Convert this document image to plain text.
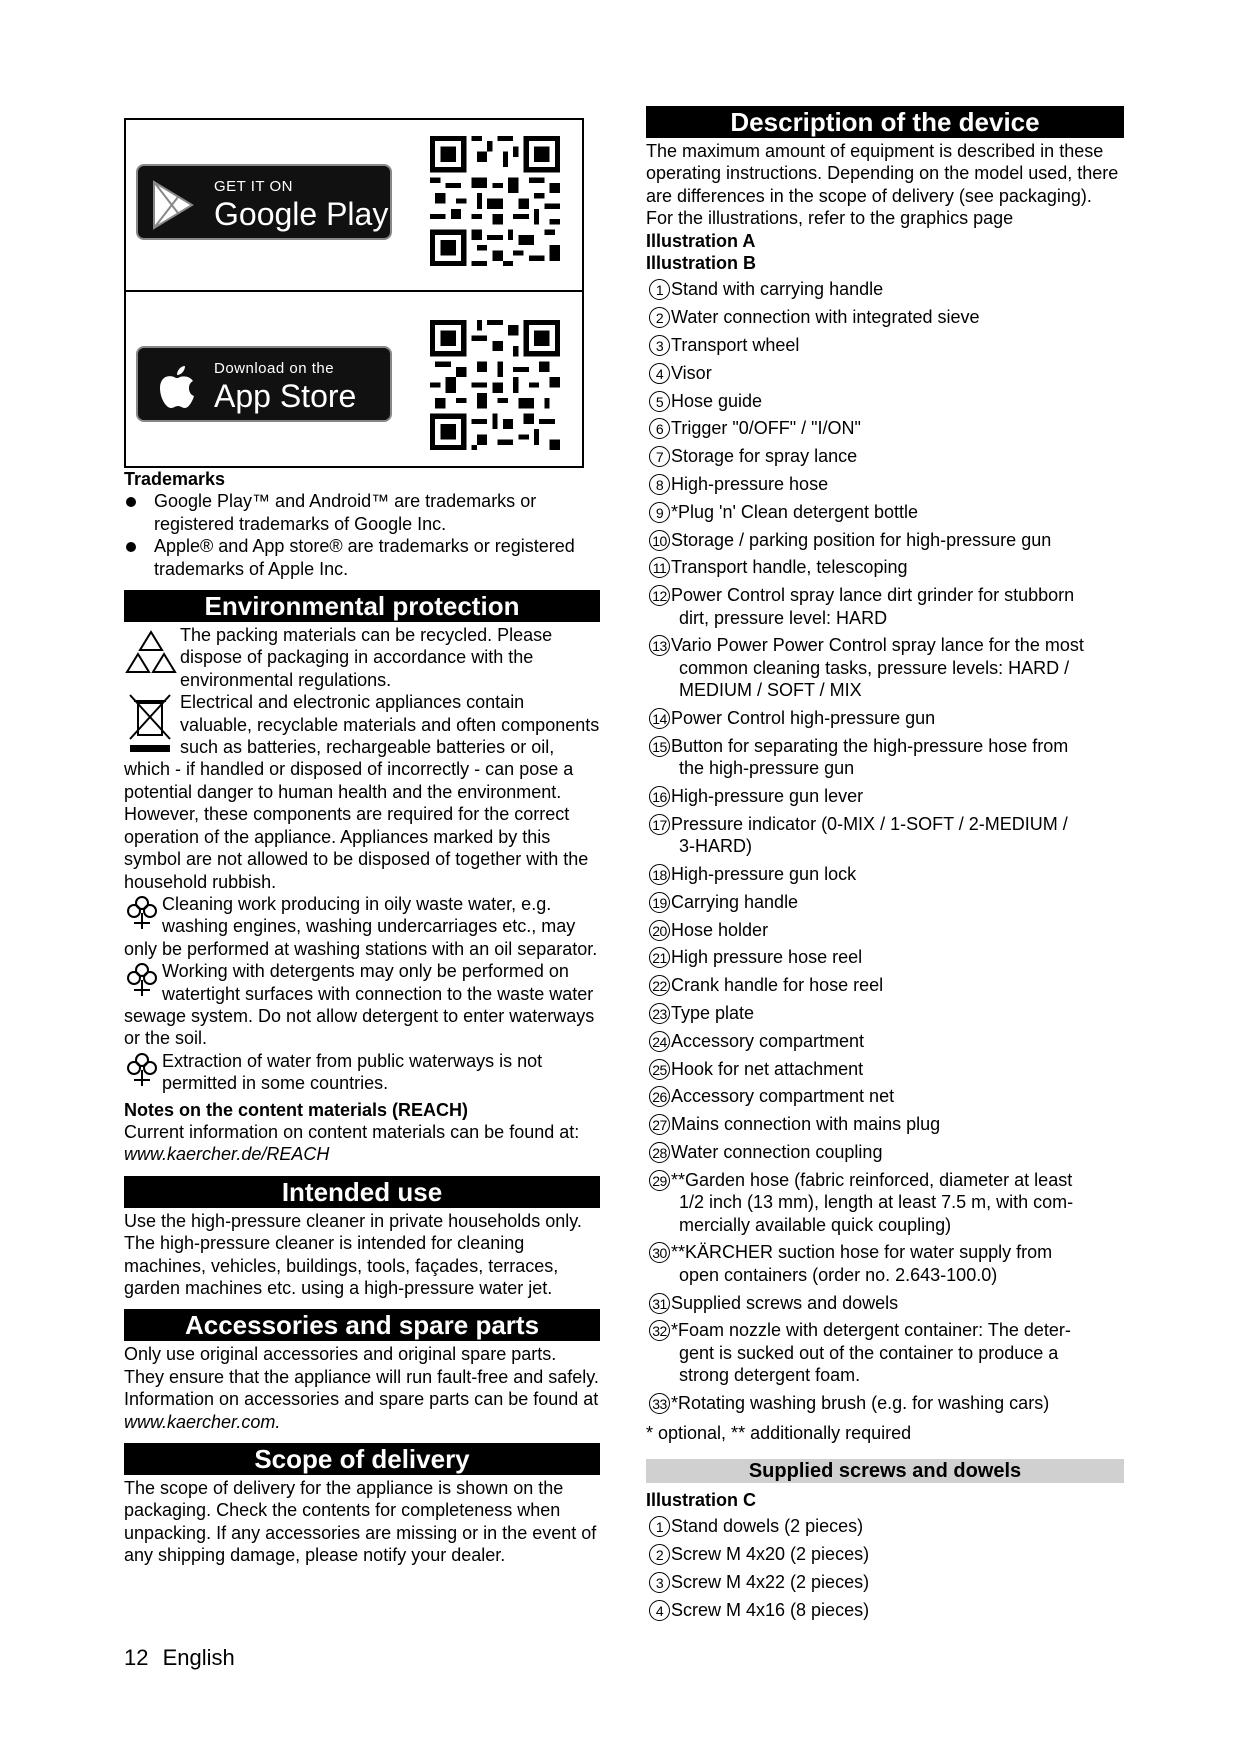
GET IT ON
Google Play
Download on the
App Store

Trademarks

Google Play™ and Android™ are trademarks or registered trademarks of Google Inc.
Apple® and App store® are trademarks or registered trademarks of Apple Inc.
Environmental protection
The packing materials can be recycled. Please dispose of packaging in accordance with the environmental regulations.
Electrical and electronic appliances contain valuable, recyclable materials and often components such as batteries, rechargeable batteries or oil, which - if handled or disposed of incorrectly - can pose a potential danger to human health and the environment. However, these components are required for the correct operation of the appliance. Appliances marked by this symbol are not allowed to be disposed of together with the household rubbish.
Cleaning work producing in oily waste water, e.g. washing engines, washing undercarriages etc., may only be performed at washing stations with an oil separator.
Working with detergents may only be performed on watertight surfaces with connection to the waste water sewage system. Do not allow detergent to enter waterways or the soil.
Extraction of water from public waterways is not permitted in some countries.

Notes on the content materials (REACH)

Current information on content materials can be found at: www.kaercher.de/REACH

Intended use

Use the high-pressure cleaner in private households only.

The high-pressure cleaner is intended for cleaning machines, vehicles, buildings, tools, façades, terraces, garden machines etc. using a high-pressure water jet.

Accessories and spare parts

Only use original accessories and original spare parts. They ensure that the appliance will run fault-free and safely.

Information on accessories and spare parts can be found at www.kaercher.com.

Scope of delivery

The scope of delivery for the appliance is shown on the packaging. Check the contents for completeness when unpacking. If any accessories are missing or in the event of any shipping damage, please notify your dealer.

Description of the device

The maximum amount of equipment is described in these operating instructions. Depending on the model used, there are differences in the scope of delivery (see packaging).

For the illustrations, refer to the graphics page

Illustration A

Illustration B

1 Stand with carrying handle
2 Water connection with integrated sieve
3 Transport wheel
4 Visor
5 Hose guide
6 Trigger "0/OFF" / "I/ON"
7 Storage for spray lance
8 High-pressure hose
9 *Plug 'n' Clean detergent bottle
10 Storage / parking position for high-pressure gun
11 Transport handle, telescoping
12 Power Control spray lance dirt grinder for stubborn
dirt, pressure level: HARD
13 Vario Power Power Control spray lance for the most
common cleaning tasks, pressure levels: HARD /
MEDIUM / SOFT / MIX
14 Power Control high-pressure gun
15 Button for separating the high-pressure hose from
the high-pressure gun
16 High-pressure gun lever
17 Pressure indicator (0-MIX / 1-SOFT / 2-MEDIUM /
3-HARD)
18 High-pressure gun lock
19 Carrying handle
20 Hose holder
21 High pressure hose reel
22 Crank handle for hose reel
23 Type plate
24 Accessory compartment
25 Hook for net attachment
26 Accessory compartment net
27 Mains connection with mains plug
28 Water connection coupling
29 **Garden hose (fabric reinforced, diameter at least
1/2 inch (13 mm), length at least 7.5 m, with com-
mercially available quick coupling)
30 **KÄRCHER suction hose for water supply from
open containers (order no. 2.643-100.0)
31 Supplied screws and dowels
32 *Foam nozzle with detergent container: The deter-
gent is sucked out of the container to produce a
strong detergent foam.
33 *Rotating washing brush (e.g. for washing cars)

* optional, ** additionally required

Supplied screws and dowels

Illustration C

1 Stand dowels (2 pieces)
2 Screw M 4x20 (2 pieces)
3 Screw M 4x22 (2 pieces)
4 Screw M 4x16 (8 pieces)
12 English
